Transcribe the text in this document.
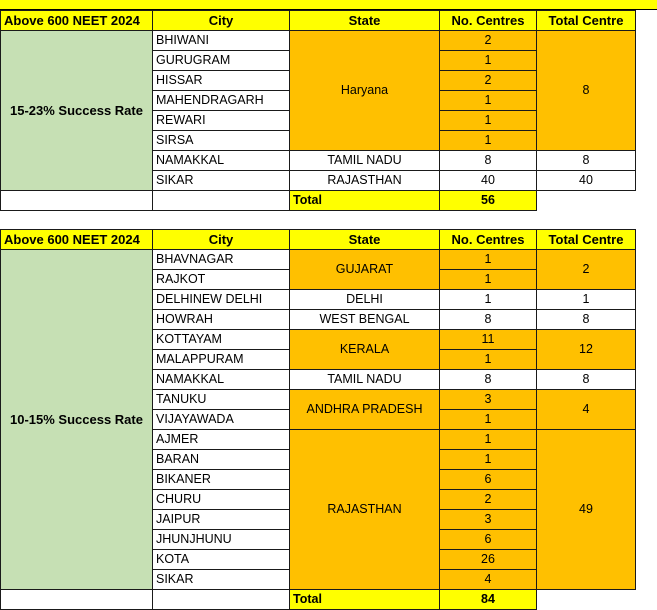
Above 600 NEET 2024	City	State	No. Centres	Total Centre
15-23% Success Rate	BHIWANI	Haryana	2	8
	GURUGRAM		1	
	HISSAR		2	
	MAHENDRAGARH		1	
	REWARI		1	
	SIRSA		1	
	NAMAKKAL	TAMIL NADU	8	8
	SIKAR	RAJASTHAN	40	40
		Total	56	
Above 600 NEET 2024	City	State	No. Centres	Total Centre
10-15% Success Rate	BHAVNAGAR	GUJARAT	1	2
	RAJKOT		1	
	DELHINEW DELHI	DELHI	1	1
	HOWRAH	WEST BENGAL	8	8
	KOTTAYAM	KERALA	11	12
	MALAPPURAM		1	
	NAMAKKAL	TAMIL NADU	8	8
	TANUKU	ANDHRA PRADESH	3	4
	VIJAYAWADA		1	
	AJMER	RAJASTHAN	1	49
	BARAN		1	
	BIKANER		6	
	CHURU		2	
	JAIPUR		3	
	JHUNJHUNU		6	
	KOTA		26	
	SIKAR		4	
		Total	84	
